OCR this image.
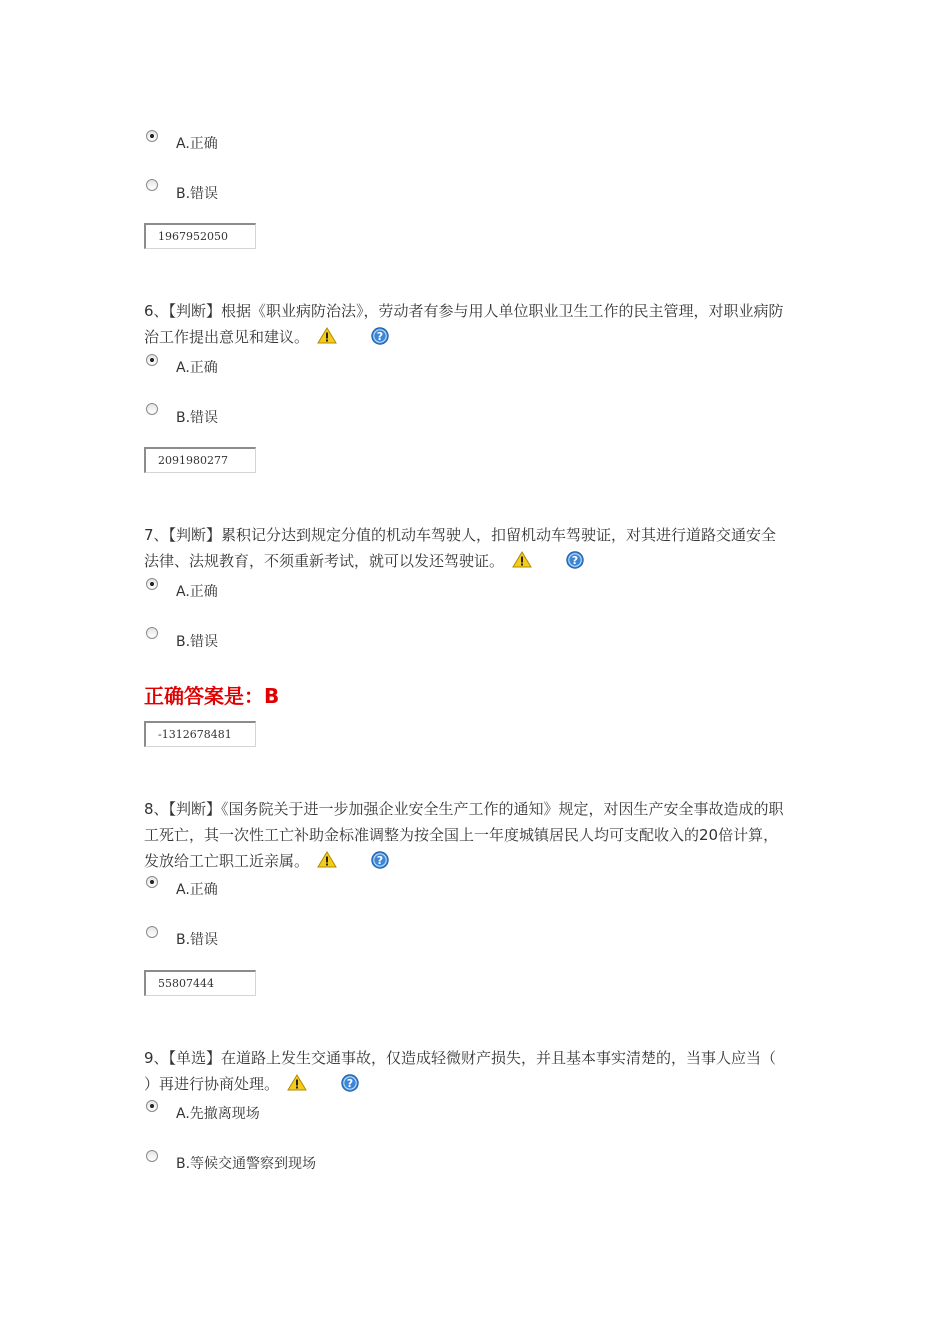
A.正确
B.错误
1967952050
6、【判断】根据《职业病防治法》，劳动者有参与用人单位职业卫生工作的民主管理，对职业病防治工作提出意见和建议。
A.正确
B.错误
2091980277
7、【判断】累积记分达到规定分值的机动车驾驶人，扣留机动车驾驶证，对其进行道路交通安全法律、法规教育，不须重新考试，就可以发还驾驶证。
A.正确
B.错误
正确答案是：B
-1312678481
8、【判断】《国务院关于进一步加强企业安全生产工作的通知》规定，对因生产安全事故造成的职工死亡，其一次性工亡补助金标准调整为按全国上一年度城镇居民人均可支配收入的20倍计算，发放给工亡职工近亲属。
A.正确
B.错误
55807444
9、【单选】在道路上发生交通事故，仅造成轻微财产损失，并且基本事实清楚的，当事人应当（ ）再进行协商处理。
A.先撤离现场
B.等候交通警察到现场
